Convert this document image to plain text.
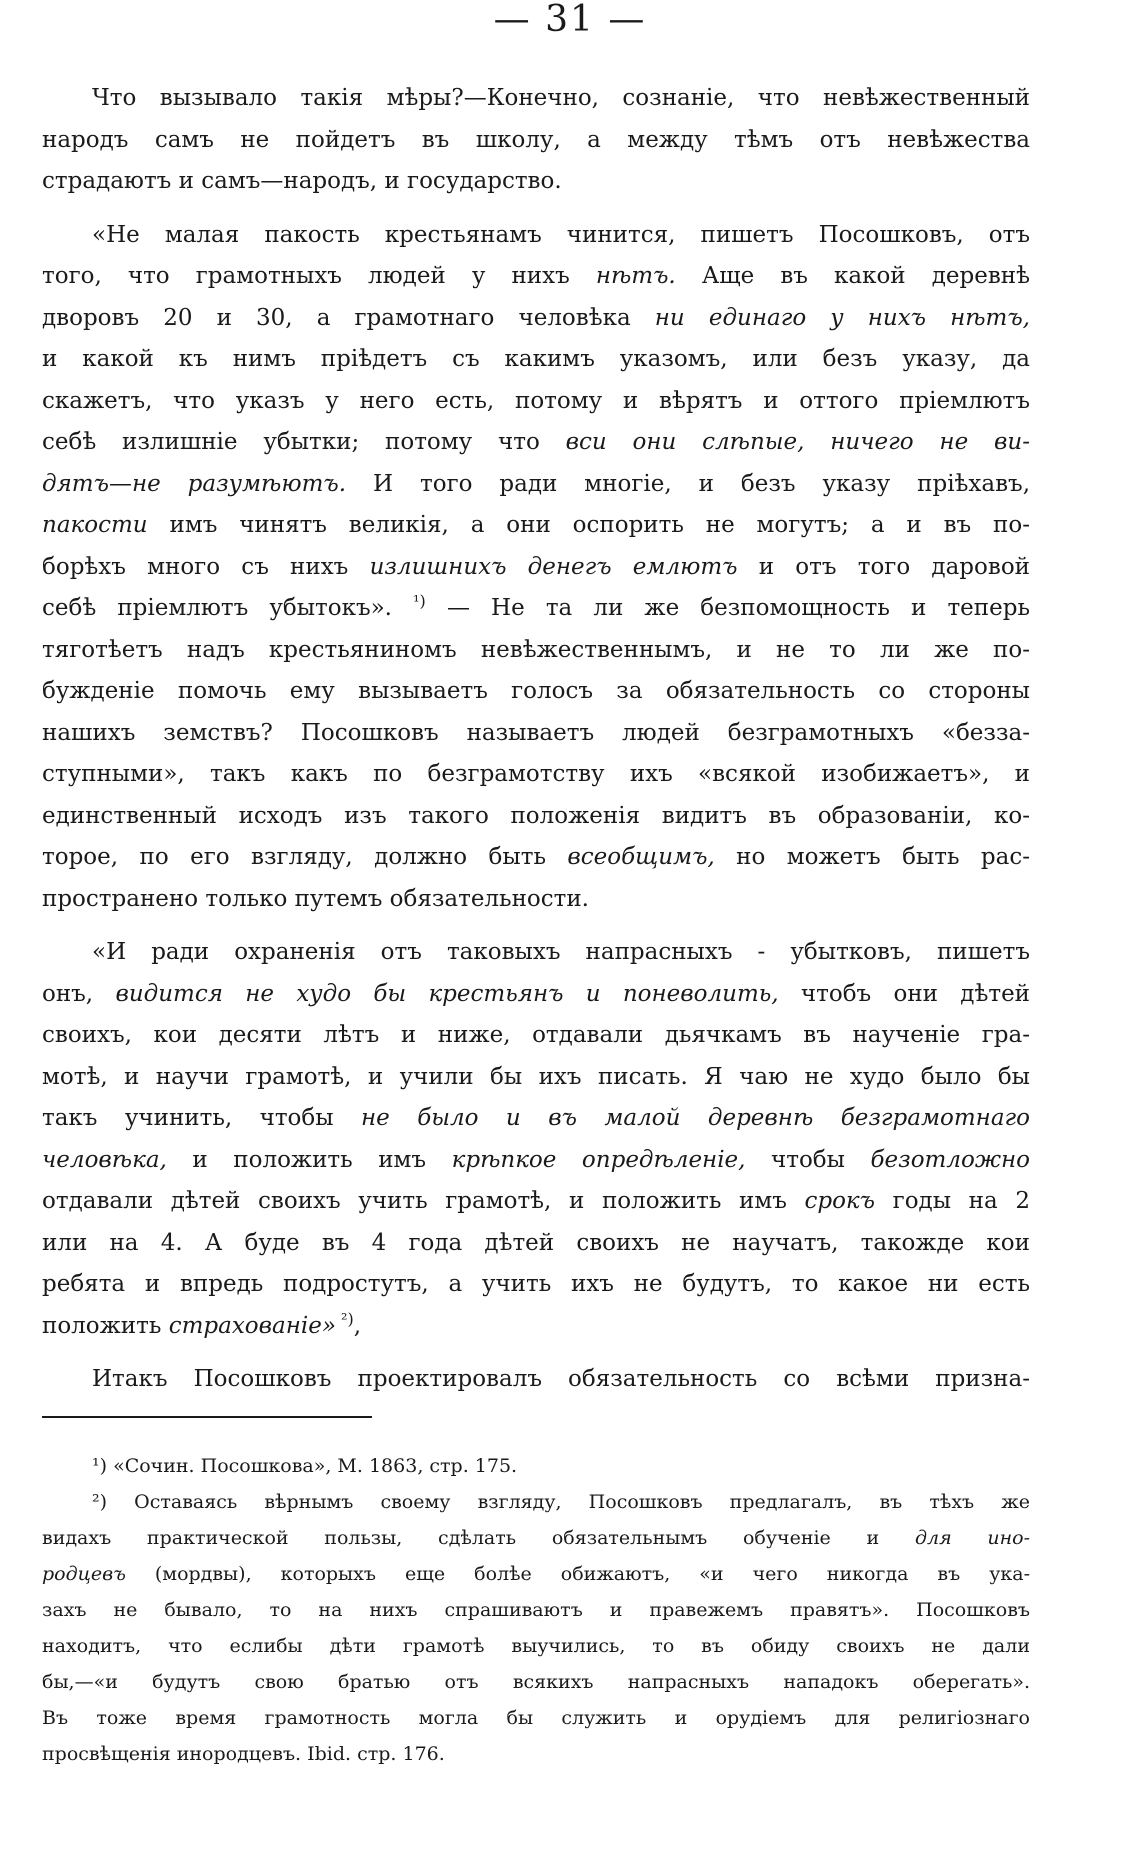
— 31 —
Что вызывало такія мѣры?—Конечно, сознаніе, что невѣжественный
народъ самъ не пойдетъ въ школу, а между тѣмъ отъ невѣжества
страдаютъ и самъ—народъ, и государство.
«Не малая пакость крестьянамъ чинится, пишетъ Посошковъ, отъ
того, что грамотныхъ людей у нихъ нѣтъ. Аще въ какой деревнѣ
дворовъ 20 и 30, а грамотнаго человѣка ни единаго у нихъ нѣтъ,
и какой къ нимъ пріѣдетъ съ какимъ указомъ, или безъ указу, да
скажетъ, что указъ у него есть, потому и вѣрятъ и оттого пріемлютъ
себѣ излишніе убытки; потому что вси они слѣпые, ничего не ви-
дятъ—не разумѣютъ. И того ради многіе, и безъ указу пріѣхавъ,
пакости имъ чинятъ великія, а они оспорить не могутъ; а и въ по-
борѣхъ много съ нихъ излишнихъ денегъ емлютъ и отъ того даровой
себѣ пріемлютъ убытокъ». $^{^1)}$ — Не та ли же безпомощность и теперь
тяготѣетъ надъ крестьяниномъ невѣжественнымъ, и не то ли же по-
бужденіе помочь ему вызываетъ голосъ за обязательность со стороны
нашихъ земствъ? Посошковъ называетъ людей безграмотныхъ «безза-
ступными», такъ какъ по безграмотству ихъ «всякой изобижаетъ», и
единственный исходъ изъ такого положенія видитъ въ образованіи, ко-
торое, по его взгляду, должно быть всеобщимъ, но можетъ быть рас-
пространено только путемъ обязательности.
«И ради охраненія отъ таковыхъ напрасныхъ - убытковъ, пишетъ
онъ, видится не худо бы крестьянъ и поневолить, чтобъ они дѣтей
своихъ, кои десяти лѣтъ и ниже, отдавали дьячкамъ въ наученіе гра-
мотѣ, и научи грамотѣ, и учили бы ихъ писать. Я чаю не худо было бы
такъ учинить, чтобы не было и въ малой деревнѣ безграмотнаго
человѣка, и положить имъ крѣпкое опредѣленіе, чтобы безотложно
отдавали дѣтей своихъ учить грамотѣ, и положить имъ срокъ годы на 2
или на 4. А буде въ 4 года дѣтей своихъ не научатъ, такожде кои
ребята и впредь подростутъ, а учить ихъ не будутъ, то какое ни есть
положить страхованіе» $^{^2)}$,
Итакъ Посошковъ проектировалъ обязательность со всѣми призна-
¹) «Сочин. Посошкова», М. 1863, стр. 175.
²) Оставаясь вѣрнымъ своему взгляду, Посошковъ предлагалъ, въ тѣхъ же
видахъ практической пользы, сдѣлать обязательнымъ обученіе и для ино-
родцевъ (мордвы), которыхъ еще болѣе обижаютъ, «и чего никогда въ ука-
захъ не бывало, то на нихъ спрашиваютъ и правежемъ правятъ». Посошковъ
находитъ, что еслибы дѣти грамотѣ выучились, то въ обиду своихъ не дали
бы,—«и будутъ свою братью отъ всякихъ напрасныхъ нападокъ оберегать».
Въ тоже время грамотность могла бы служить и орудіемъ для религіознаго
просвѣщенія инородцевъ. Ibid. стр. 176.
